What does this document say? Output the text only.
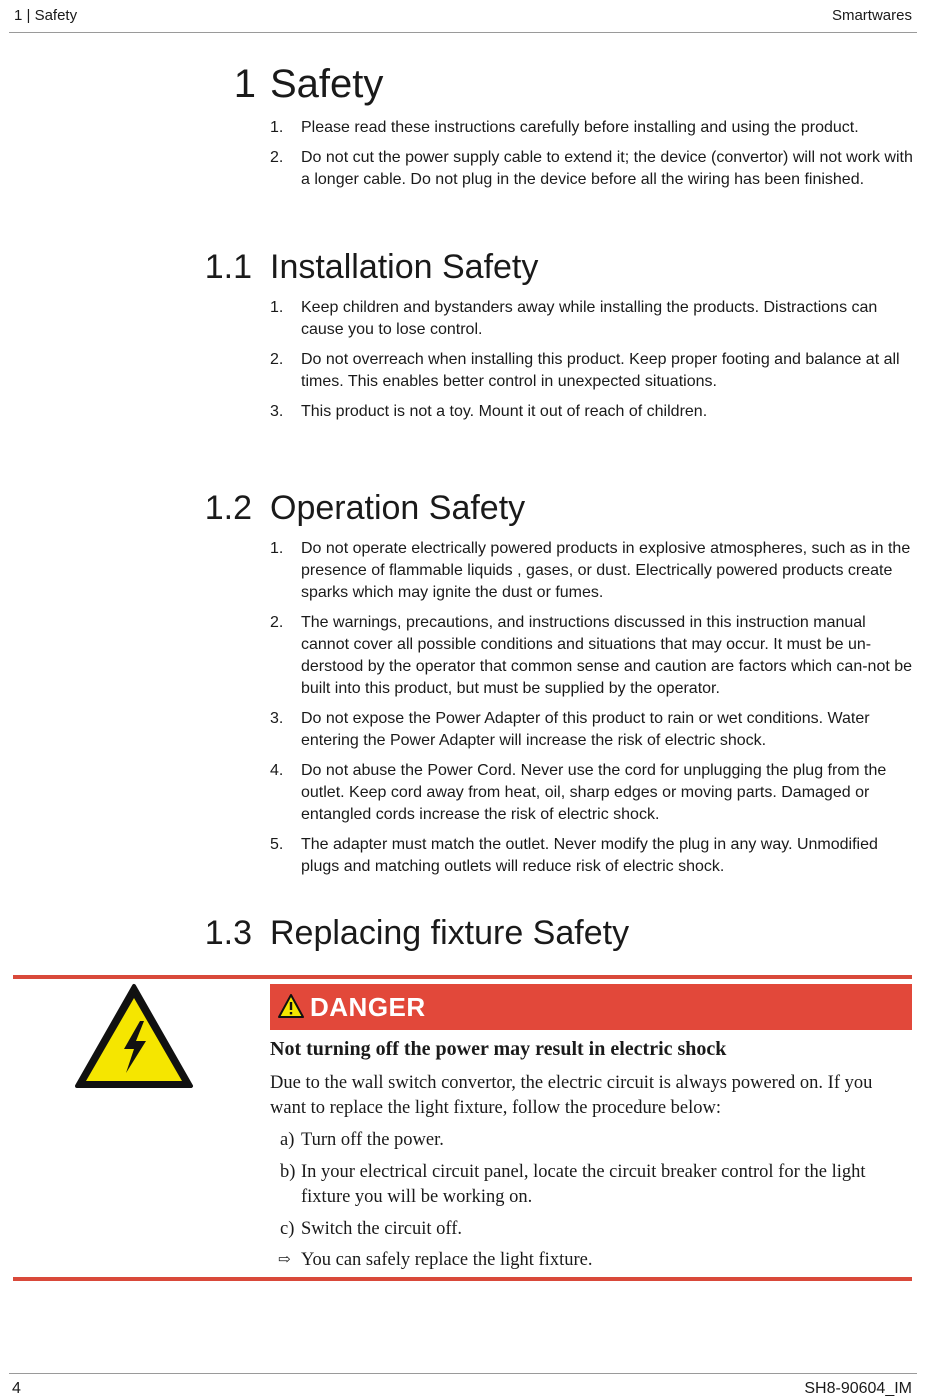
1 | Safety	Smartwares
1 Safety
1. Please read these instructions carefully before installing and using the product.
2. Do not cut the power supply cable to extend it; the device (convertor) will not work with a longer cable. Do not plug in the device before all the wiring has been finished.
1.1 Installation Safety
1. Keep children and bystanders away while installing the products. Distractions can cause you to lose control.
2. Do not overreach when installing this product. Keep proper footing and balance at all times. This enables better control in unexpected situations.
3. This product is not a toy. Mount it out of reach of children.
1.2 Operation Safety
1. Do not operate electrically powered products in explosive atmospheres, such as in the presence of flammable liquids , gases, or dust. Electrically powered products create sparks which may ignite the dust or fumes.
2. The warnings, precautions, and instructions discussed in this instruction manual cannot cover all possible conditions and situations that may occur. It must be un-derstood by the operator that common sense and caution are factors which can-not be built into this product, but must be supplied by the operator.
3. Do not expose the Power Adapter of this product to rain or wet conditions. Water entering the Power Adapter will increase the risk of electric shock.
4. Do not abuse the Power Cord. Never use the cord for unplugging the plug from the outlet. Keep cord away from heat, oil, sharp edges or moving parts. Damaged or entangled cords increase the risk of electric shock.
5. The adapter must match the outlet. Never modify the plug in any way. Unmodified plugs and matching outlets will reduce risk of electric shock.
1.3 Replacing fixture Safety
DANGER
Not turning off the power may result in electric shock
Due to the wall switch convertor, the electric circuit is always powered on. If you want to replace the light fixture, follow the procedure below:
a) Turn off the power.
b) In your electrical circuit panel, locate the circuit breaker control for the light fixture you will be working on.
c) Switch the circuit off.
⇨ You can safely replace the light fixture.
4	SH8-90604_IM
